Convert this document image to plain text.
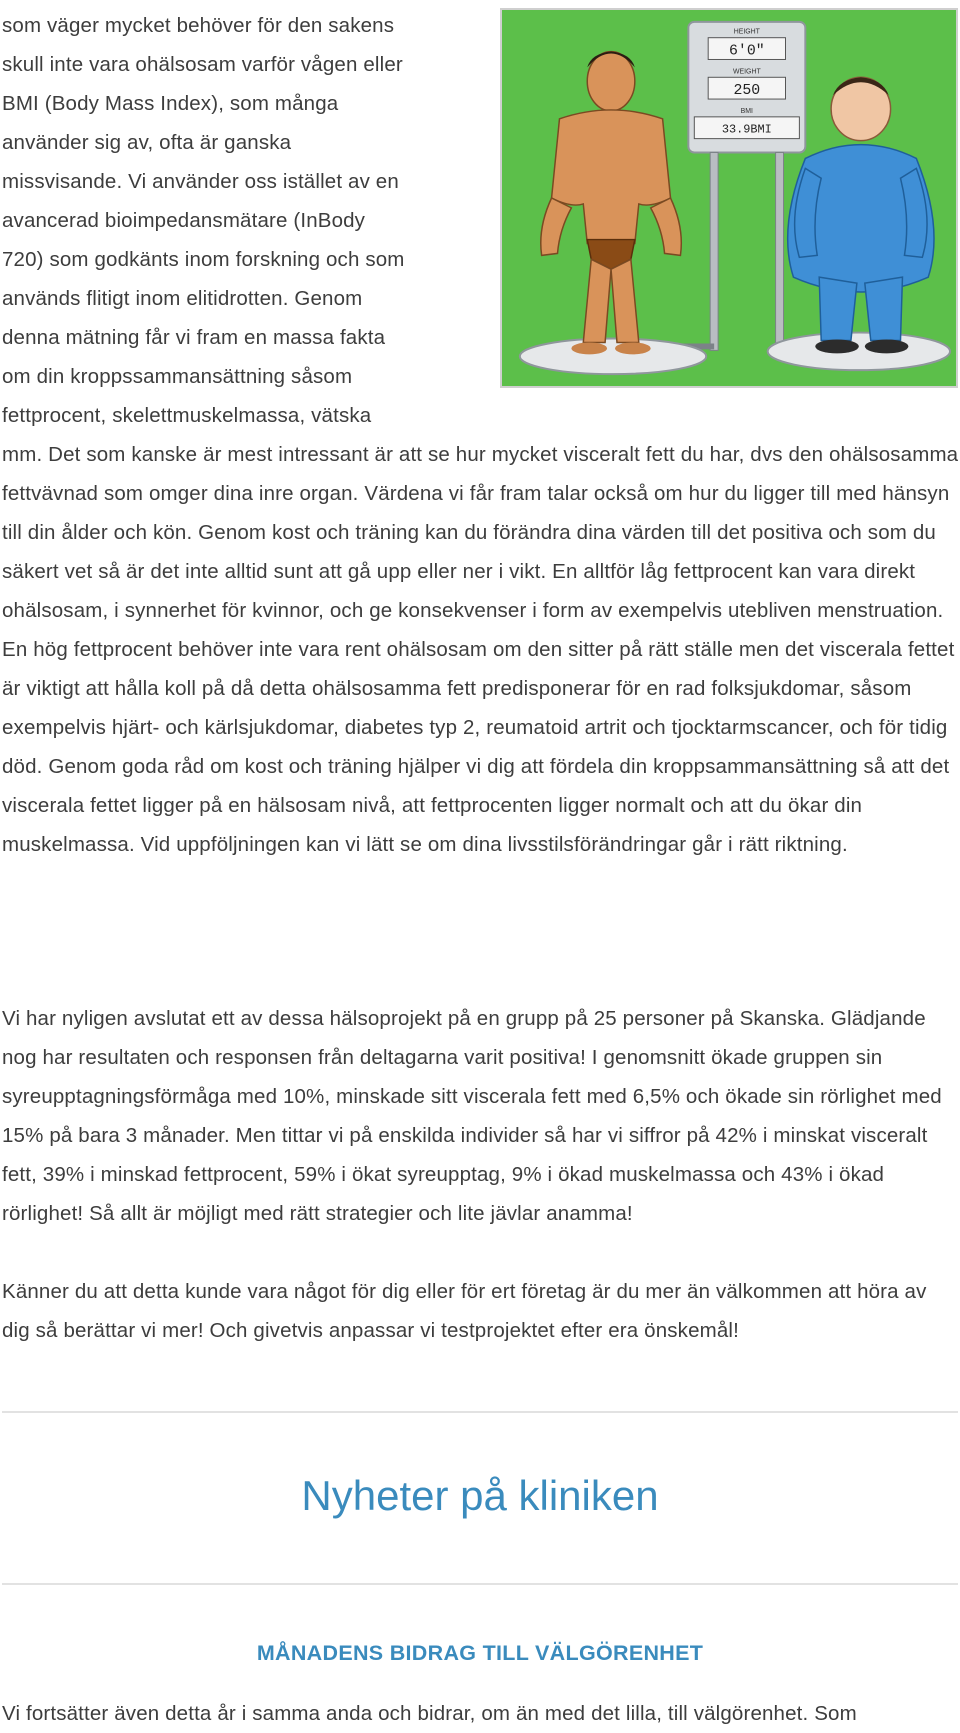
som väger mycket behöver för den sakens
skull inte vara ohälsosam varför vågen eller
BMI (Body Mass Index), som många
använder sig av, ofta är ganska
missvisande. Vi använder oss istället av en
avancerad bioimpedansmätare (InBody
720) som godkänts inom forskning och som
används flitigt inom elitidrotten. Genom
denna mätning får vi fram en massa fakta
om din kroppssammansättning såsom
fettprocent, skelettmuskelmassa, vätska
HEIGHT
6'0"
WEIGHT
250
BMI
33.9BMI

mm. Det som kanske är mest intressant är att se hur mycket visceralt fett du har, dvs den ohälsosamma fettvävnad som omger dina inre organ. Värdena vi får fram talar också om hur du ligger till med hänsyn till din ålder och kön. Genom kost och träning kan du förändra dina värden till det positiva och som du säkert vet så är det inte alltid sunt att gå upp eller ner i vikt. En alltför låg fettprocent kan vara direkt ohälsosam, i synnerhet för kvinnor, och ge konsekvenser i form av exempelvis utebliven menstruation. En hög fettprocent behöver inte vara rent ohälsosam om den sitter på rätt ställe men det viscerala fettet är viktigt att hålla koll på då detta ohälsosamma fett predisponerar för en rad folksjukdomar, såsom exempelvis hjärt- och kärlsjukdomar, diabetes typ 2, reumatoid artrit och tjocktarmscancer, och för tidig död. Genom goda råd om kost och träning hjälper vi dig att fördela din kroppsammansättning så att det viscerala fettet ligger på en hälsosam nivå, att fettprocenten ligger normalt och att du ökar din muskelmassa. Vid uppföljningen kan vi lätt se om dina livsstilsförändringar går i rätt riktning.

Vi har nyligen avslutat ett av dessa hälsoprojekt på en grupp på 25 personer på Skanska. Glädjande nog har resultaten och responsen från deltagarna varit positiva! I genomsnitt ökade gruppen sin syreupptagningsförmåga med 10%, minskade sitt viscerala fett med 6,5% och ökade sin rörlighet med 15% på bara 3 månader. Men tittar vi på enskilda individer så har vi siffror på 42% i minskat visceralt fett, 39% i minskad fettprocent, 59% i ökat syreupptag, 9% i ökad muskelmassa och 43% i ökad rörlighet! Så allt är möjligt med rätt strategier och lite jävlar anamma!

Känner du att detta kunde vara något för dig eller för ert företag är du mer än välkommen att höra av dig så berättar vi mer! Och givetvis anpassar vi testprojektet efter era önskemål!

Nyheter på kliniken
MÅNADENS BIDRAG TILL VÄLGÖRENHET
Vi fortsätter även detta år i samma anda och bidrar, om än med det lilla, till välgörenhet. Som
